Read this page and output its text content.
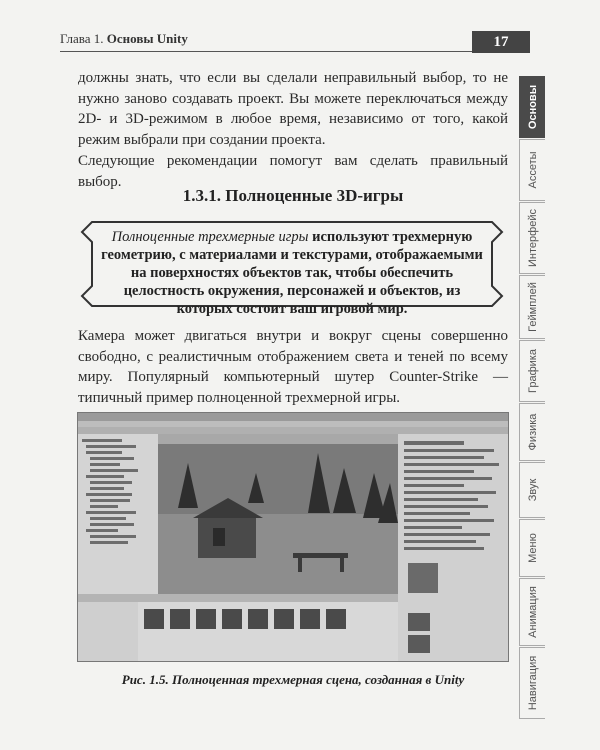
Глава 1. Основы Unity	17
должны знать, что если вы сделали неправильный выбор, то не нужно заново создавать проект. Вы можете переключаться между 2D- и 3D-режимом в любое время, независимо от того, какой режим выбрали при создании проекта.
Следующие рекомендации помогут вам сделать правильный выбор.
1.3.1. Полноценные 3D-игры
Полноценные трехмерные игры используют трехмерную геометрию, с материалами и текстурами, отображаемыми на поверхностях объектов так, чтобы обеспечить целостность окружения, персонажей и объектов, из которых состоит ваш игровой мир.
Камера может двигаться внутри и вокруг сцены совершенно свободно, с реалистичным отображением света и теней по всему миру. Популярный компьютерный шутер Counter-Strike — типичный пример полноценной трехмерной игры.
Рис. 1.5. Полноценная трехмерная сцена, созданная в Unity
Основы
Ассеты
Интерфейс
Геймплей
Графика
Физика
Звук
Меню
Анимация
Навигация
